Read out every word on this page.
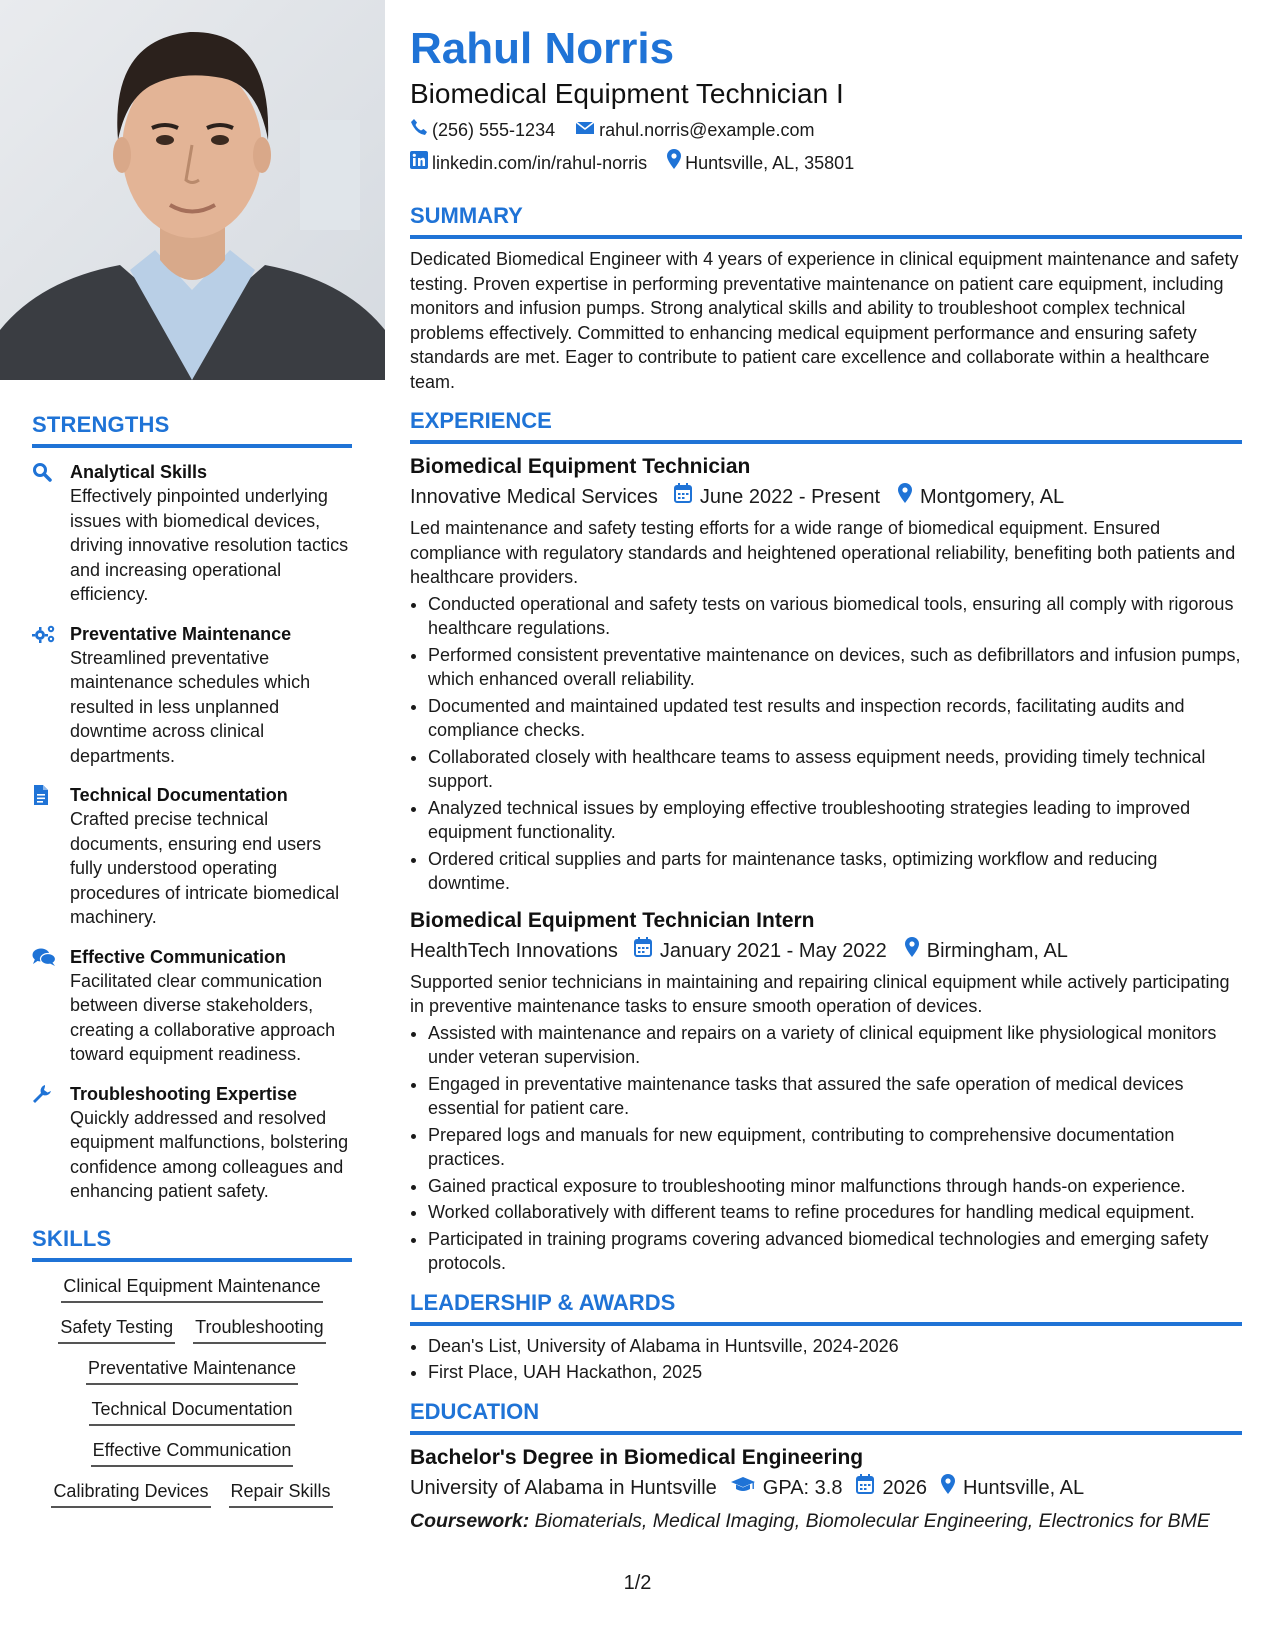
STRENGTHS
Analytical Skills
Effectively pinpointed underlying issues with biomedical devices, driving innovative resolution tactics and increasing operational efficiency.
Preventative Maintenance
Streamlined preventative maintenance schedules which resulted in less unplanned downtime across clinical departments.
Technical Documentation
Crafted precise technical documents, ensuring end users fully understood operating procedures of intricate biomedical machinery.
Effective Communication
Facilitated clear communication between diverse stakeholders, creating a collaborative approach toward equipment readiness.
Troubleshooting Expertise
Quickly addressed and resolved equipment malfunctions, bolstering confidence among colleagues and enhancing patient safety.
SKILLS
Clinical Equipment Maintenance
Safety Testing Troubleshooting
Preventative Maintenance
Technical Documentation
Effective Communication
Calibrating Devices Repair Skills
Rahul Norris
Biomedical Equipment Technician I
(256) 555-1234 rahul.norris@example.com
linkedin.com/in/rahul-norris Huntsville, AL, 35801
SUMMARY
Dedicated Biomedical Engineer with 4 years of experience in clinical equipment maintenance and safety testing. Proven expertise in performing preventative maintenance on patient care equipment, including monitors and infusion pumps. Strong analytical skills and ability to troubleshoot complex technical problems effectively. Committed to enhancing medical equipment performance and ensuring safety standards are met. Eager to contribute to patient care excellence and collaborate within a healthcare team.
EXPERIENCE
Biomedical Equipment Technician
Innovative Medical Services June 2022 - Present Montgomery, AL
Led maintenance and safety testing efforts for a wide range of biomedical equipment. Ensured compliance with regulatory standards and heightened operational reliability, benefiting both patients and healthcare providers.
• Conducted operational and safety tests on various biomedical tools, ensuring all comply with rigorous healthcare regulations.
• Performed consistent preventative maintenance on devices, such as defibrillators and infusion pumps, which enhanced overall reliability.
• Documented and maintained updated test results and inspection records, facilitating audits and compliance checks.
• Collaborated closely with healthcare teams to assess equipment needs, providing timely technical support.
• Analyzed technical issues by employing effective troubleshooting strategies leading to improved equipment functionality.
• Ordered critical supplies and parts for maintenance tasks, optimizing workflow and reducing downtime.
Biomedical Equipment Technician Intern
HealthTech Innovations January 2021 - May 2022 Birmingham, AL
Supported senior technicians in maintaining and repairing clinical equipment while actively participating in preventive maintenance tasks to ensure smooth operation of devices.
• Assisted with maintenance and repairs on a variety of clinical equipment like physiological monitors under veteran supervision.
• Engaged in preventative maintenance tasks that assured the safe operation of medical devices essential for patient care.
• Prepared logs and manuals for new equipment, contributing to comprehensive documentation practices.
• Gained practical exposure to troubleshooting minor malfunctions through hands-on experience.
• Worked collaboratively with different teams to refine procedures for handling medical equipment.
• Participated in training programs covering advanced biomedical technologies and emerging safety protocols.
LEADERSHIP & AWARDS
• Dean's List, University of Alabama in Huntsville, 2024-2026
• First Place, UAH Hackathon, 2025
EDUCATION
Bachelor's Degree in Biomedical Engineering
University of Alabama in Huntsville GPA: 3.8 2026 Huntsville, AL
Coursework: Biomaterials, Medical Imaging, Biomolecular Engineering, Electronics for BME
1/2
